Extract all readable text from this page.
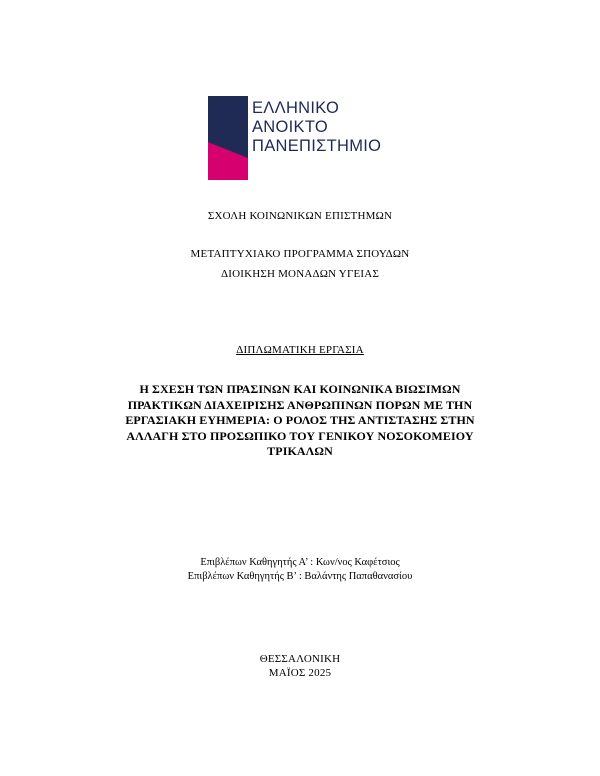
ΕΛΛΗΝΙΚΟ
ΑΝΟΙΚΤΟ
ΠΑΝΕΠΙΣΤΗΜΙΟ
ΣΧΟΛΗ ΚΟΙΝΩΝΙΚΩΝ ΕΠΙΣΤΗΜΩΝ
ΜΕΤΑΠΤΥΧΙΑΚΟ ΠΡΟΓΡΑΜΜΑ ΣΠΟΥΔΩΝ
ΔΙΟΙΚΗΣΗ ΜΟΝΑΔΩΝ ΥΓΕΙΑΣ
ΔΙΠΛΩΜΑΤΙΚΗ ΕΡΓΑΣΙΑ
Η ΣΧΕΣΗ ΤΩΝ ΠΡΑΣΙΝΩΝ ΚΑΙ ΚΟΙΝΩΝΙΚΑ ΒΙΩΣΙΜΩΝ
ΠΡΑΚΤΙΚΩΝ ΔΙΑΧΕΙΡΙΣΗΣ ΑΝΘΡΩΠΙΝΩΝ ΠΟΡΩΝ ΜΕ ΤΗΝ
ΕΡΓΑΣΙΑΚΗ ΕΥΗΜΕΡΙΑ: Ο ΡΟΛΟΣ ΤΗΣ ΑΝΤΙΣΤΑΣΗΣ ΣΤΗΝ
ΑΛΛΑΓΗ ΣΤΟ ΠΡΟΣΩΠΙΚΟ ΤΟΥ ΓΕΝΙΚΟΥ ΝΟΣΟΚΟΜΕΙΟΥ
ΤΡΙΚΑΛΩΝ
Επιβλέπων Καθηγητής Α’ : Κων/νος Καφέτσιος
Επιβλέπων Καθηγητής Β’ : Βαλάντης Παπαθανασίου
ΘΕΣΣΑΛΟΝΙΚΗ
ΜΑΪΟΣ 2025
